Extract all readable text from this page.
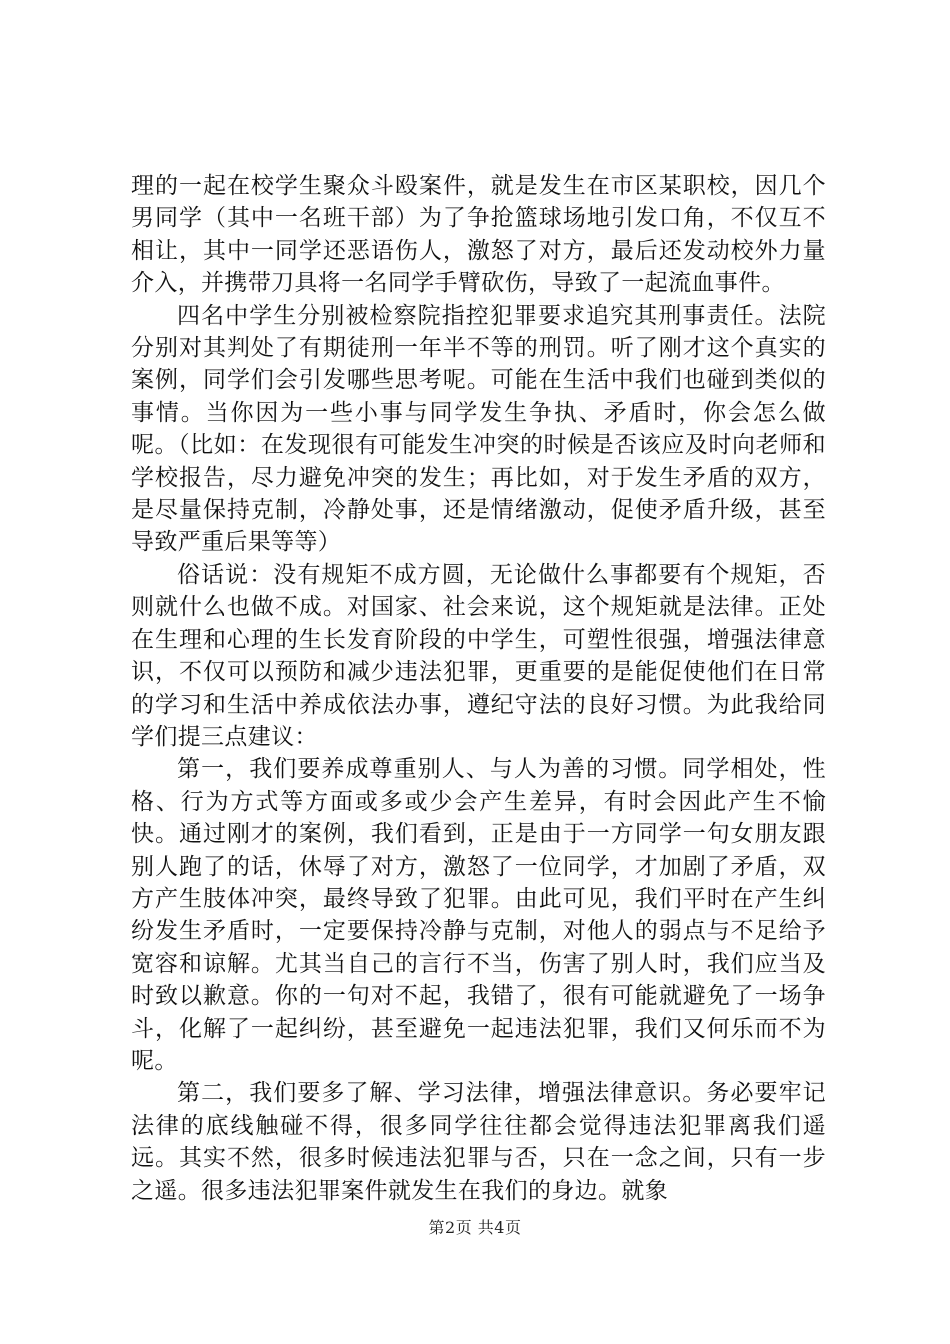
理的一起在校学生聚众斗殴案件，就是发生在市区某职校，因几个男同学（其中一名班干部）为了争抢篮球场地引发口角，不仅互不相让，其中一同学还恶语伤人，激怒了对方，最后还发动校外力量介入，并携带刀具将一名同学手臂砍伤，导致了一起流血事件。

四名中学生分别被检察院指控犯罪要求追究其刑事责任。法院分别对其判处了有期徒刑一年半不等的刑罚。听了刚才这个真实的案例，同学们会引发哪些思考呢。可能在生活中我们也碰到类似的事情。当你因为一些小事与同学发生争执、矛盾时，你会怎么做呢。（比如：在发现很有可能发生冲突的时候是否该应及时向老师和学校报告，尽力避免冲突的发生；再比如，对于发生矛盾的双方，是尽量保持克制，冷静处事，还是情绪激动，促使矛盾升级，甚至导致严重后果等等）

俗话说：没有规矩不成方圆，无论做什么事都要有个规矩，否则就什么也做不成。对国家、社会来说，这个规矩就是法律。正处在生理和心理的生长发育阶段的中学生，可塑性很强，增强法律意识，不仅可以预防和减少违法犯罪，更重要的是能促使他们在日常的学习和生活中养成依法办事，遵纪守法的良好习惯。为此我给同学们提三点建议：

第一，我们要养成尊重别人、与人为善的习惯。同学相处，性格、行为方式等方面或多或少会产生差异，有时会因此产生不愉快。通过刚才的案例，我们看到，正是由于一方同学一句女朋友跟别人跑了的话，休辱了对方，激怒了一位同学，才加剧了矛盾，双方产生肢体冲突，最终导致了犯罪。由此可见，我们平时在产生纠纷发生矛盾时，一定要保持冷静与克制，对他人的弱点与不足给予宽容和谅解。尤其当自己的言行不当，伤害了别人时，我们应当及时致以歉意。你的一句对不起，我错了，很有可能就避免了一场争斗，化解了一起纠纷，甚至避免一起违法犯罪，我们又何乐而不为呢。

第二，我们要多了解、学习法律，增强法律意识。务必要牢记法律的底线触碰不得，很多同学往往都会觉得违法犯罪离我们遥远。其实不然，很多时候违法犯罪与否，只在一念之间，只有一步之遥。很多违法犯罪案件就发生在我们的身边。就象

第2页 共4页
